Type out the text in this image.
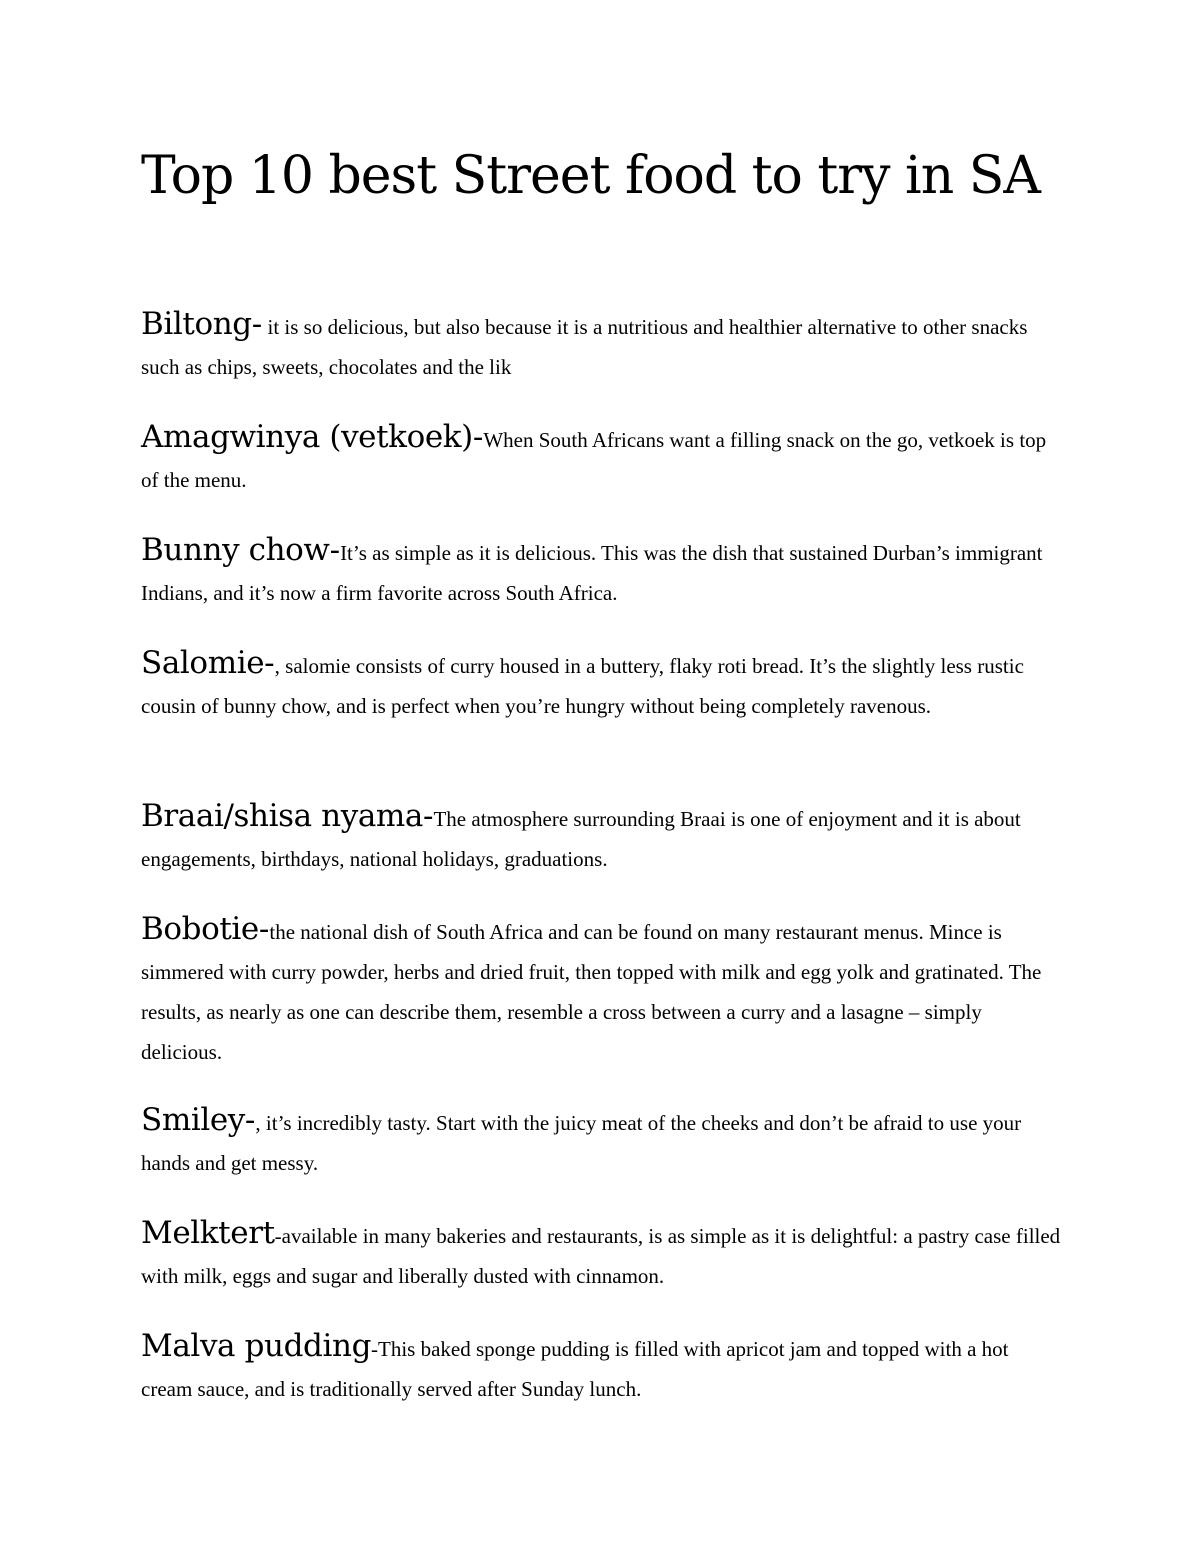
Top 10 best Street food to try in SA

Biltong- it is so delicious, but also because it is a nutritious and healthier alternative to other snacks such as chips, sweets, chocolates and the lik

Amagwinya (vetkoek)-When South Africans want a filling snack on the go, vetkoek is top of the menu.

Bunny chow-It’s as simple as it is delicious. This was the dish that sustained Durban’s immigrant Indians, and it’s now a firm favorite across South Africa.

Salomie-, salomie consists of curry housed in a buttery, flaky roti bread. It’s the slightly less rustic cousin of bunny chow, and is perfect when you’re hungry without being completely ravenous.

Braai/shisa nyama-The atmosphere surrounding Braai is one of enjoyment and it is about engagements, birthdays, national holidays, graduations.

Bobotie-the national dish of South Africa and can be found on many restaurant menus. Mince is simmered with curry powder, herbs and dried fruit, then topped with milk and egg yolk and gratinated. The results, as nearly as one can describe them, resemble a cross between a curry and a lasagne – simply delicious.

Smiley-, it’s incredibly tasty. Start with the juicy meat of the cheeks and don’t be afraid to use your hands and get messy.

Melktert-available in many bakeries and restaurants, is as simple as it is delightful: a pastry case filled with milk, eggs and sugar and liberally dusted with cinnamon.

Malva pudding-This baked sponge pudding is filled with apricot jam and topped with a hot cream sauce, and is traditionally served after Sunday lunch.
